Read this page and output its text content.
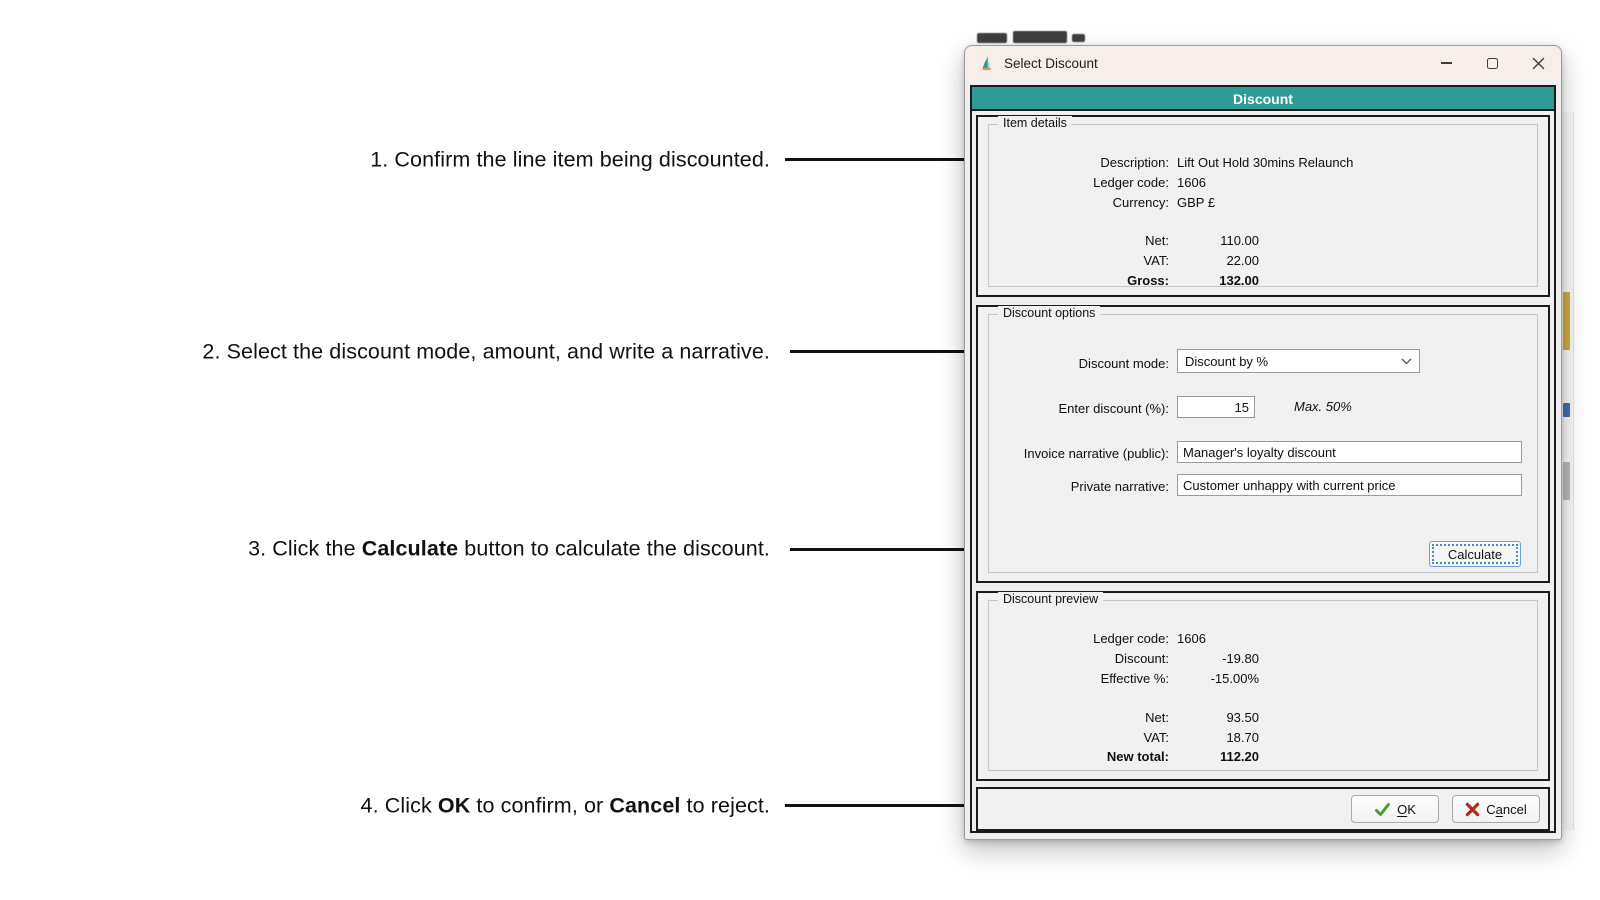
1. Confirm the line item being discounted.
2. Select the discount mode, amount, and write a narrative.
3. Click the Calculate button to calculate the discount.
4. Click OK to confirm, or Cancel to reject.
Select Discount
Discount
Item details
Description: Lift Out Hold 30mins Relaunch
Ledger code: 1606
Currency: GBP £
Net:	110.00
VAT:	22.00
Gross:	132.00
Discount options
Discount mode: Discount by %
Enter discount (%):
15	Max. 50%
Invoice narrative (public):
Manager's loyalty discount
Private narrative:
Customer unhappy with current price
Calculate
Discount preview
Ledger code: 1606
Discount:	-19.80
Effective %:	-15.00%
Net:	93.50
VAT:	18.70
New total:	112.20
OK	Cancel
